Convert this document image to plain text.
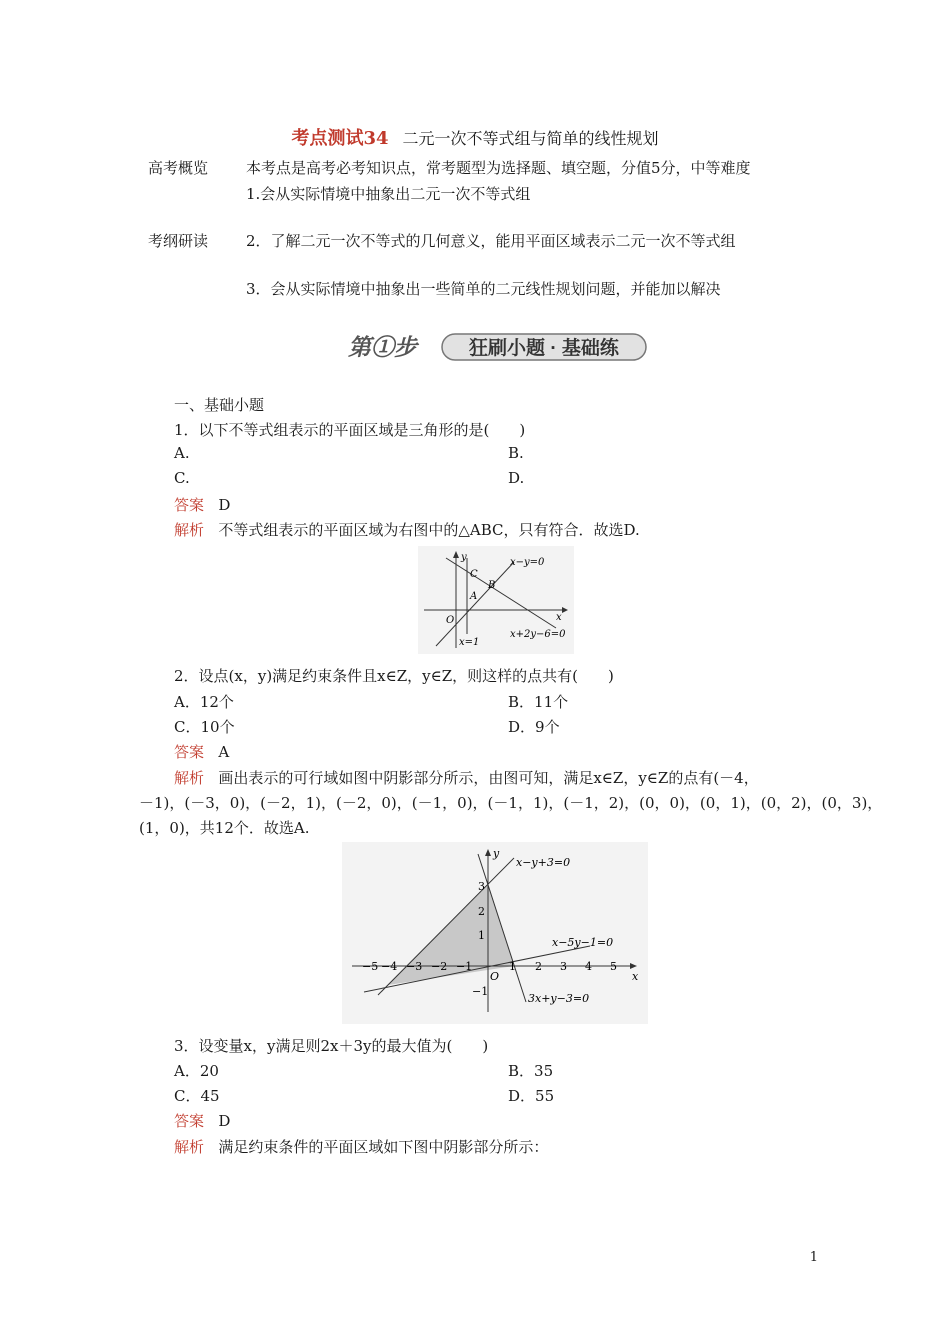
考点测试34 二元一次不等式组与简单的线性规划
高考概览	本考点是高考必考知识点，常考题型为选择题、填空题，分值5分，中等难度
1.会从实际情境中抽象出二元一次不等式组
考纲研读	2．了解二元一次不等式的几何意义，能用平面区域表示二元一次不等式组
3．会从实际情境中抽象出一些简单的二元线性规划问题，并能加以解决
第①步	狂刷小题 · 基础练
一、基础小题
1．以下不等式组表示的平面区域是三角形的是(　　)
A.	B.
C.	D.
答案 D
解析 不等式组表示的平面区域为右图中的△ABC，只有符合．故选D.
y
x
O
C
B
A
x−y=0
x=1
x+2y−6=0
2．设点(x，y)满足约束条件且x∈Z，y∈Z，则这样的点共有(　　)
A．12个	B．11个
C．10个	D．9个
答案 A
解析 画出表示的可行域如图中阴影部分所示，由图可知，满足x∈Z，y∈Z的点有(－4，
－1)，(－3，0)，(－2，1)，(－2，0)，(－1，0)，(－1，1)，(－1，2)，(0，0)，(0，1)，(0，2)，(0，3)，
(1，0)，共12个．故选A.
y
x
O
x−y+3=0
x−5y−1=0
3x+y−3=0
−5 −4 −3 −2 −1	1 2 3 4 5
3
2
1
−1
3．设变量x，y满足则2x＋3y的最大值为(　　)
A．20	B．35
C．45	D．55
答案 D
解析 满足约束条件的平面区域如下图中阴影部分所示：
1
